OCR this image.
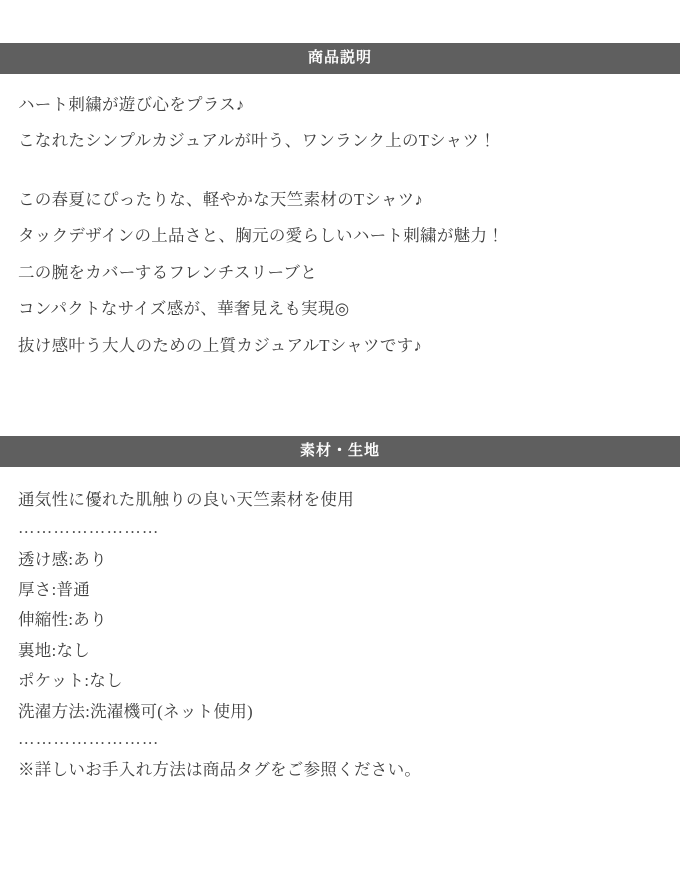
商品説明

ハート刺繍が遊び心をプラス♪

こなれたシンプルカジュアルが叶う、ワンランク上のTシャツ！

この春夏にぴったりな、軽やかな天竺素材のTシャツ♪

タックデザインの上品さと、胸元の愛らしいハート刺繍が魅力！

二の腕をカバーするフレンチスリーブと

コンパクトなサイズ感が、華奢見えも実現◎

抜け感叶う大人のための上質カジュアルTシャツです♪

素材・生地

通気性に優れた肌触りの良い天竺素材を使用

……………………

透け感:あり

厚さ:普通

伸縮性:あり

裏地:なし

ポケット:なし

洗濯方法:洗濯機可(ネット使用)

……………………

※詳しいお手入れ方法は商品タグをご参照ください。
